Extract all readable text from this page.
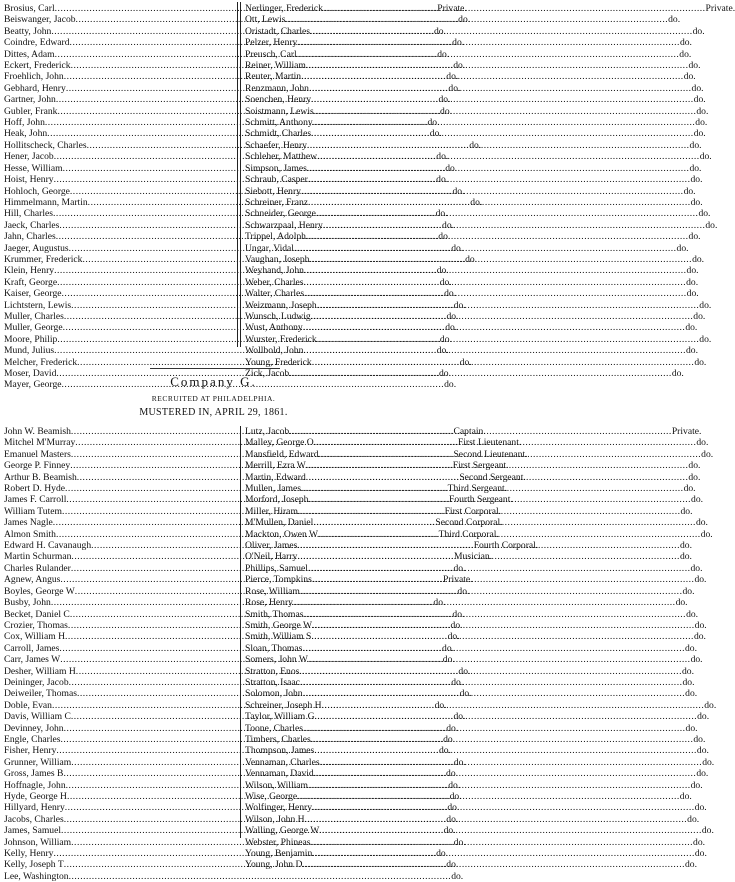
Brosius, Carl .....	Private.
Beiswanger, Jacob .....	do.
Beatty, John .....	do.
Coindre, Edward .....	do.
Dittes, Adam .....	do.
Eckert, Frederick .....	do.
Froehlich, John .....	do.
Gebhard, Henry .....	do.
Gartner, John .....	do.
Gubler, Frank .....	do.
Hoff, John .....	do.
Heak, John .....	do.
Hollitscheck, Charles .....	do.
Hener, Jacob .....	do.
Hesse, William .....	do.
Hoist, Henry .....	do.
Hohloch, George .....	do.
Himmelmann, Martin .....	do.
Hill, Charles .....	do.
Jaeck, Charles .....	do.
Jahn, Charles .....	do.
Jaeger, Augustus .....	do.
Krummer, Frederick .....	do.
Klein, Henry .....	do.
Kraft, George .....	do.
Kaiser, George .....	do.
Lichtstern, Lewis .....	do.
Muller, Charles .....	do.
Muller, George .....	do.
Moore, Philip .....	do.
Mund, Julius .....	do.
Melcher, Frederick .....	do.
Moser, David .....	do.
Mayer, George .....	do.
Nerlinger, Frederick .....	Private.
Ott, Lewis .....	do.
Oristadt, Charles .....	do.
Pelzer, Henry .....	do.
Preusch, Carl .....	do.
Reiner, William .....	do.
Reuter, Martin .....	do.
Renzmann, John .....	do.
Soenchen, Henry .....	do.
Soistmann, Lewis .....	do.
Schmitt, Anthony .....	do.
Schmidt, Charles .....	do.
Schaefer, Henry .....	do.
Schleher, Matthew .....	do.
Simpson, James .....	do.
Schraub, Casper .....	do.
Siebott, Henry .....	do.
Schreiner, Franz .....	do.
Schneider, George .....	do.
Schwarzpaal, Henry .....	do.
Trippel, Adolph .....	do.
Ungar, Vidal .....	do.
Vaughan, Joseph .....	do.
Weyhand, John .....	do.
Weber, Charles .....	do.
Walter, Charles .....	do.
Weizmann, Joseph .....	do.
Wunsch, Ludwig .....	do.
Wust, Anthony .....	do.
Wurster, Frederick .....	do.
Wollbold, John .....	do.
Young, Frederick .....	do.
Zick, Jacob .....	do.
Company G.
RECRUITED AT PHILADELPHIA.
MUSTERED IN, APRIL 29, 1861.
John W. Beamish .....	Captain.
Mitchel M'Murray .....	First Lieutenant.
Emanuel Masters .....	Second Lieutenant.
George P. Finney .....	First Sergeant.
Arthur B. Beamish .....	Second Sergeant.
Robert D. Hyde .....	Third Sergeant.
James F. Carroll .....	Fourth Sergeant.
William Tutem .....	First Corporal.
James Nagle .....	Second Corporal.
Almon Smith .....	Third Corporal.
Edward H. Cavanaugh .....	Fourth Corporal.
Martin Schurman .....	Musician.
Charles Rulander .....	do.
Agnew, Angus .....	Private.
Boyles, George W .....	do.
Busby, John .....	do.
Becket, Daniel C .....	do.
Crozier, Thomas .....	do.
Cox, William H .....	do.
Carroll, James .....	do.
Carr, James W .....	do.
Desher, William H .....	do.
Deininger, Jacob .....	do.
Deiweiler, Thomas .....	do.
Doble, Evan .....	do.
Davis, William C .....	do.
Devinney, John .....	do.
Engle, Charles .....	do.
Fisher, Henry .....	do.
Grunner, William .....	do.
Gross, James B .....	do.
Hoffnagle, John .....	do.
Hyde, George H .....	do.
Hillyard, Henry .....	do.
Jacobs, Charles .....	do.
James, Samuel .....	do.
Johnson, William .....	do.
Kelly, Henry .....	do.
Kelly, Joseph T .....	do.
Lee, Washington .....	do.
Lutz, Jacob .....	Private.
Malley, George O .....	do.
Mansfield, Edward .....	do.
Merrill, Ezra W .....	do.
Martin, Edward .....	do.
Mullen, James .....	do.
Morford, Joseph .....	do.
Miller, Hiram .....	do.
M'Mullen, Daniel .....	do.
Mackton, Owen W .....	do.
Oliver, James .....	do.
O'Neil, Harry .....	do.
Phillips, Samuel .....	do.
Pierce, Tompkins .....	do.
Rose, William .....	do.
Rose, Henry .....	do.
Smith, Thomas .....	do.
Smith, George W .....	do.
Smith, William S .....	do.
Sloan, Thomas .....	do.
Somers, John W .....	do.
Stratton, Enos .....	do.
Stratton, Isaac .....	do.
Solomon, John .....	do.
Schreiner, Joseph H .....	do.
Taylor, William G .....	do.
Toone, Charles .....	do.
Timbers, Charles .....	do.
Thompson, James .....	do.
Vennaman, Charles .....	do.
Vennaman, David .....	do.
Wilson, William .....	do.
Wise, George .....	do.
Wolfinger, Henry .....	do.
Wilson, John H .....	do.
Walling, George W .....	do.
Webster, Phineas .....	do.
Young, Benjamin .....	do.
Young, John D .....	do.
